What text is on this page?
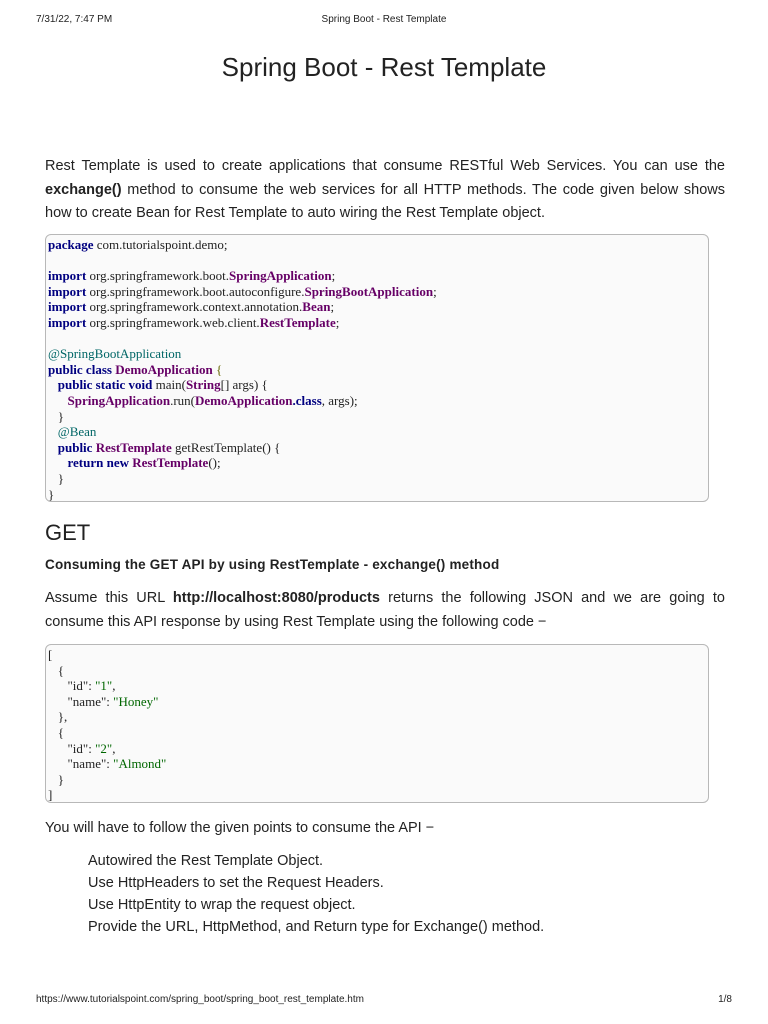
7/31/22, 7:47 PM	Spring Boot - Rest Template
Spring Boot - Rest Template
Rest Template is used to create applications that consume RESTful Web Services. You can use the exchange() method to consume the web services for all HTTP methods. The code given below shows how to create Bean for Rest Template to auto wiring the Rest Template object.
package com.tutorialspoint.demo;

import org.springframework.boot.SpringApplication;
import org.springframework.boot.autoconfigure.SpringBootApplication;
import org.springframework.context.annotation.Bean;
import org.springframework.web.client.RestTemplate;

@SpringBootApplication
public class DemoApplication {
public static void main(String[] args) {
SpringApplication.run(DemoApplication.class, args);
}
@Bean
public RestTemplate getRestTemplate() {
return new RestTemplate();
}
}
GET
Consuming the GET API by using RestTemplate - exchange() method
Assume this URL http://localhost:8080/products returns the following JSON and we are going to consume this API response by using Rest Template using the following code −
[
{
"id": "1",
"name": "Honey"
},
{
"id": "2",
"name": "Almond"
}
]
You will have to follow the given points to consume the API −
Autowired the Rest Template Object.
Use HttpHeaders to set the Request Headers.
Use HttpEntity to wrap the request object.
Provide the URL, HttpMethod, and Return type for Exchange() method.
https://www.tutorialspoint.com/spring_boot/spring_boot_rest_template.htm	1/8
